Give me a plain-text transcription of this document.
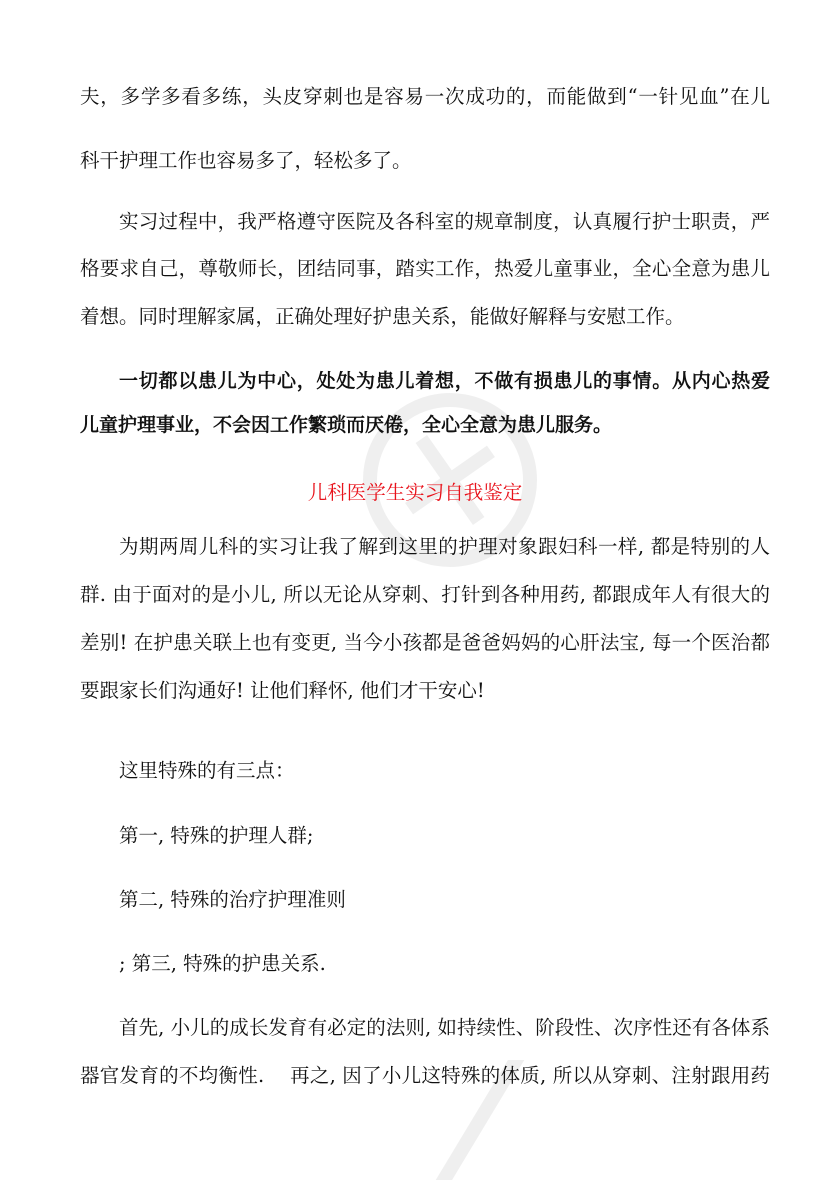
夫，多学多看多练，头皮穿刺也是容易一次成功的，而能做到“一针见血”在儿
科干护理工作也容易多了，轻松多了。
实习过程中，我严格遵守医院及各科室的规章制度，认真履行护士职责，严
格要求自己，尊敬师长，团结同事，踏实工作，热爱儿童事业，全心全意为患儿
着想。同时理解家属，正确处理好护患关系，能做好解释与安慰工作。
一切都以患儿为中心，处处为患儿着想，不做有损患儿的事情。从内心热爱
儿童护理事业，不会因工作繁琐而厌倦，全心全意为患儿服务。
儿科医学生实习自我鉴定
为期两周儿科的实习让我了解到这里的护理对象跟妇科一样, 都是特别的人
群. 由于面对的是小儿, 所以无论从穿刺、打针到各种用药, 都跟成年人有很大的
差别! 在护患关联上也有变更, 当今小孩都是爸爸妈妈的心肝法宝, 每一个医治都
要跟家长们沟通好! 让他们释怀, 他们才干安心!
这里特殊的有三点：
第一, 特殊的护理人群;
第二, 特殊的治疗护理准则
; 第三, 特殊的护患关系.
首先, 小儿的成长发育有必定的法则, 如持续性、阶段性、次序性还有各体系
器官发育的不均衡性.    再之, 因了小儿这特殊的体质, 所以从穿刺、注射跟用药
